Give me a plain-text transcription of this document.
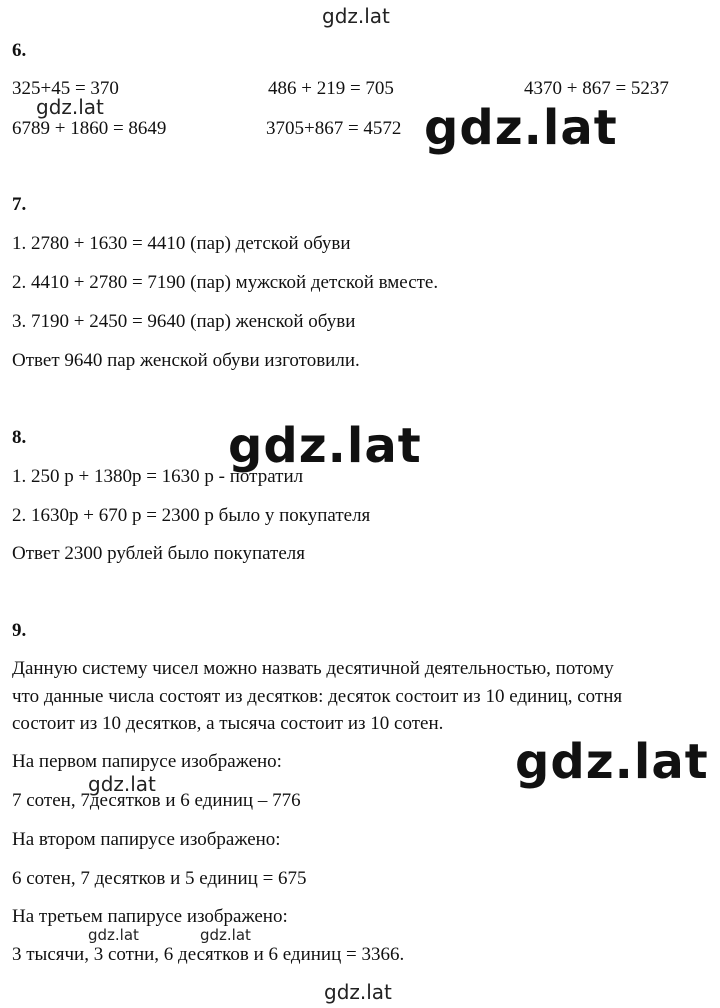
gdz.lat
gdz.lat	gdz.lat
gdz.lat
gdz.lat
gdz.lat
gdz.lat	gdz.lat
gdz.lat
6.
325+45 = 370	486 + 219 = 705	4370 + 867 = 5237
6789 + 1860 = 8649	3705+867 = 4572
7.
1. 2780 + 1630 = 4410 (пар) детской обуви
2. 4410 + 2780 = 7190 (пар) мужской детской вместе.
3. 7190 + 2450 = 9640 (пар) женской обуви
Ответ 9640 пар женской обуви изготовили.
8.
1. 250 р + 1380р = 1630 р - потратил
2. 1630р + 670 р = 2300 р было у покупателя
Ответ 2300 рублей было покупателя
9.
Данную систему чисел можно назвать десятичной деятельностью, потому
что данные числа состоят из десятков: десяток состоит из 10 единиц, сотня
состоит из 10 десятков, а тысяча состоит из 10 сотен.
На первом папирусе изображено:
7 сотен, 7десятков и 6 единиц – 776
На втором папирусе изображено:
6 сотен, 7 десятков и 5 единиц = 675
На третьем папирусе изображено:
3 тысячи, 3 сотни, 6 десятков и 6 единиц = 3366.
